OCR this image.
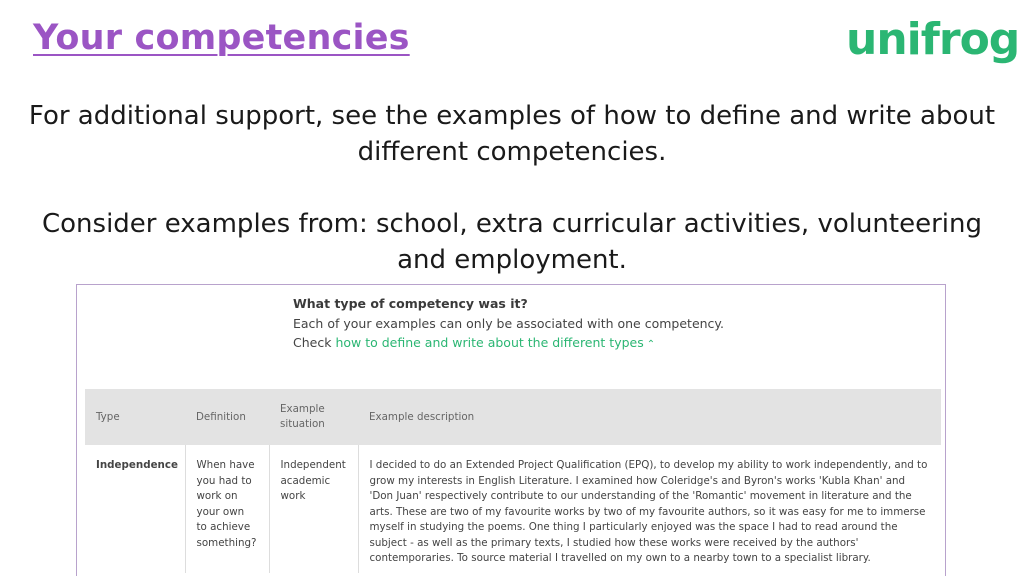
Your competencies	unifrog
For additional support, see the examples of how to define and write about different competencies.
Consider examples from: school, extra curricular activities, volunteering and employment.
What type of competency was it?
Each of your examples can only be associated with one competency.
Check how to define and write about the different types ⌃
Type	Definition	Example situation	Example description
Independence	When have you had to work on your own to achieve something?	Independent academic work	I decided to do an Extended Project Qualification (EPQ), to develop my ability to work independently, and to grow my interests in English Literature. I examined how Coleridge's and Byron's works 'Kubla Khan' and 'Don Juan' respectively contribute to our understanding of the 'Romantic' movement in literature and the arts. These are two of my favourite works by two of my favourite authors, so it was easy for me to immerse myself in studying the poems. One thing I particularly enjoyed was the space I had to read around the subject - as well as the primary texts, I studied how these works were received by the authors' contemporaries. To source material I travelled on my own to a nearby town to a specialist library.
